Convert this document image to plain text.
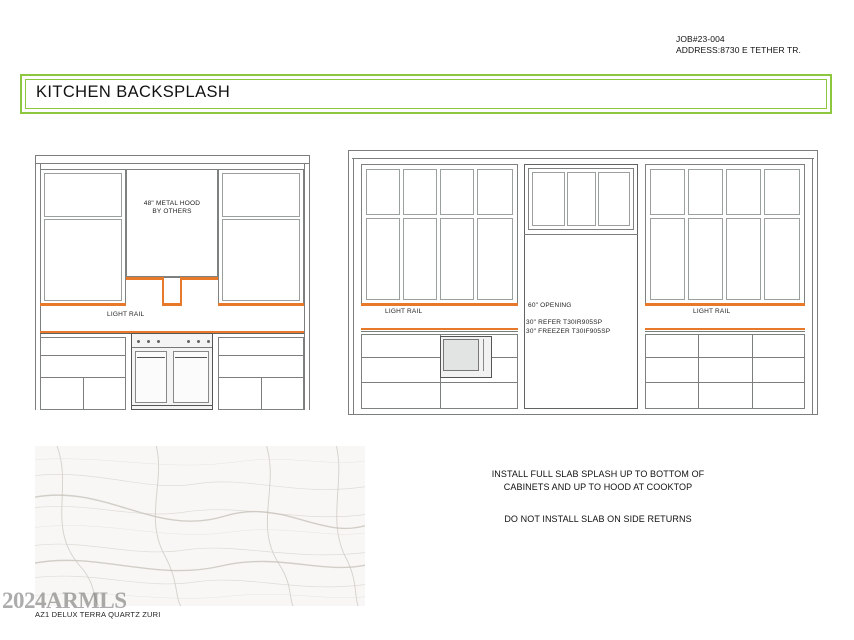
JOB#23-004
ADDRESS:8730 E TETHER TR.
KITCHEN BACKSPLASH
48" METAL HOOD
BY OTHERS
LIGHT RAIL	LIGHT RAIL
60" OPENING
30" REFER T30IR905SP
30" FREEZER T30IF905SP
LIGHT RAIL
AZ1 DELUX TERRA QUARTZ ZURI
INSTALL FULL SLAB SPLASH UP TO BOTTOM OF
CABINETS AND UP TO HOOD AT COOKTOP
DO NOT INSTALL SLAB ON SIDE RETURNS
2024ARMLS
